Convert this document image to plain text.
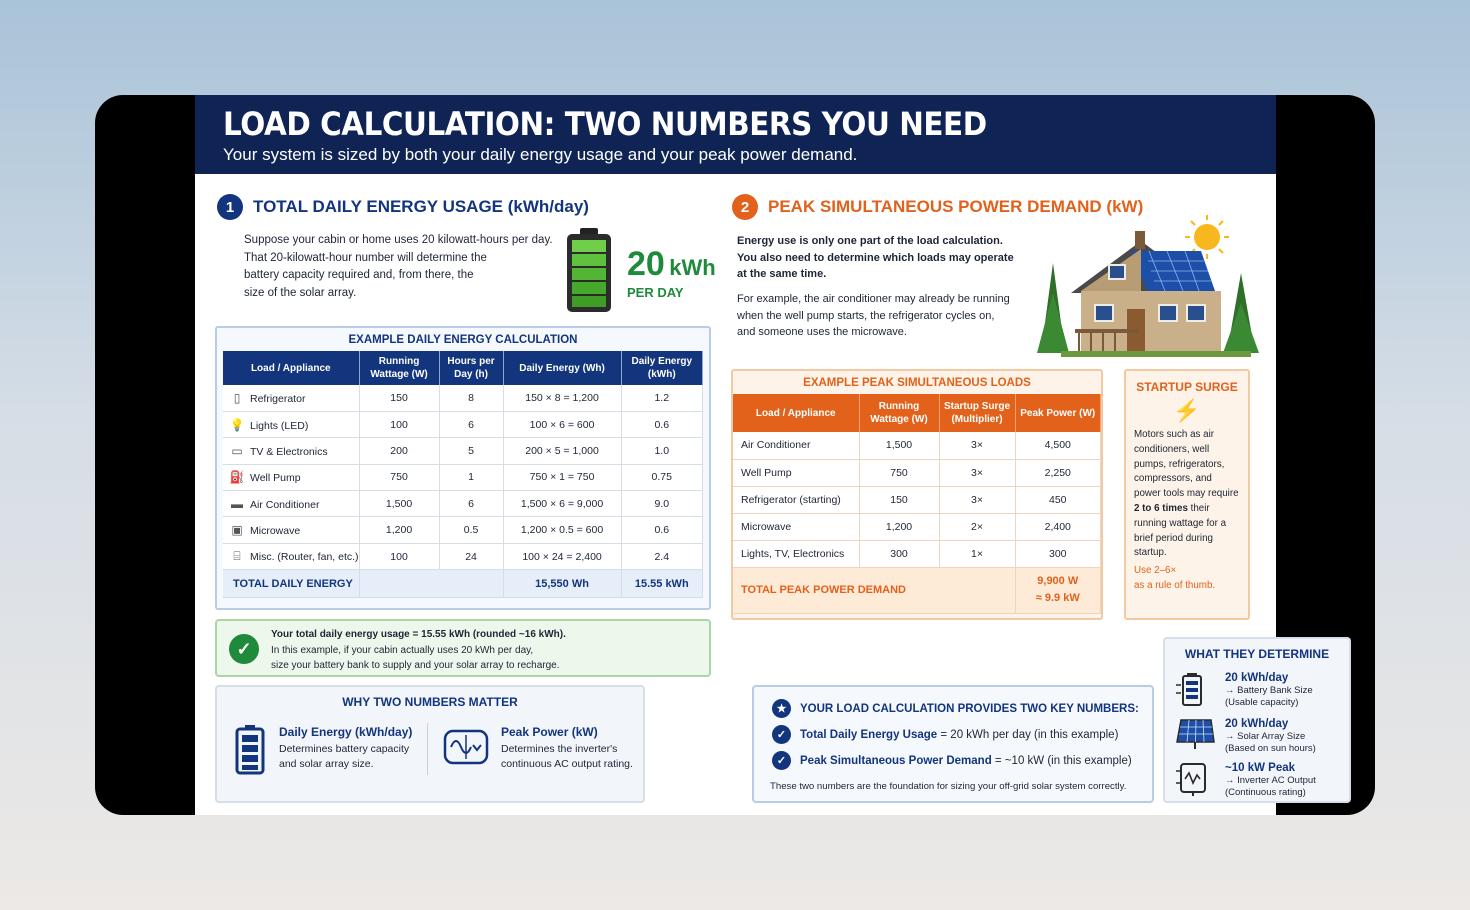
LOAD CALCULATION: TWO NUMBERS YOU NEED

Your system is sized by both your daily energy usage and your peak power demand.

1	TOTAL DAILY ENERGY USAGE (kWh/day)
Suppose your cabin or home uses 20 kilowatt-hours per day.
That 20-kilowatt-hour number will determine the
battery capacity required and, from there, the
size of the solar array.
20 kWh
PER DAY
EXAMPLE DAILY ENERGY CALCULATION
Load / Appliance	Running Wattage (W)	Hours per Day (h)	Daily Energy (Wh)	Daily Energy (kWh)
▯ Refrigerator	150	8	150 × 8 = 1,200	1.2
💡 Lights (LED)	100	6	100 × 6 = 600	0.6
▭ TV & Electronics	200	5	200 × 5 = 1,000	1.0
⛽ Well Pump	750	1	750 × 1 = 750	0.75
▬ Air Conditioner	1,500	6	1,500 × 6 = 9,000	9.0
▣ Microwave	1,200	0.5	1,200 × 0.5 = 600	0.6
⌸ Misc. (Router, fan, etc.)	100	24	100 × 24 = 2,400	2.4
TOTAL DAILY ENERGY			15,550 Wh	15.55 kWh
✓
Your total daily energy usage = 15.55 kWh (rounded ~16 kWh).
In this example, if your cabin actually uses 20 kWh per day,
size your battery bank to supply and your solar array to recharge.
WHY TWO NUMBERS MATTER
Daily Energy (kWh/day)
Determines battery capacity
and solar array size.
Peak Power (kW)
Determines the inverter's
continuous AC output rating.
2	PEAK SIMULTANEOUS POWER DEMAND (kW)
Energy use is only one part of the load calculation.
You also need to determine which loads may operate
at the same time.
For example, the air conditioner may already be running
when the well pump starts, the refrigerator cycles on,
and someone uses the microwave.
EXAMPLE PEAK SIMULTANEOUS LOADS
Load / Appliance	Running Wattage (W)	Startup Surge (Multiplier)	Peak Power (W)
Air Conditioner	1,500	3×	4,500
Well Pump	750	3×	2,250
Refrigerator (starting)	150	3×	450
Microwave	1,200	2×	2,400
Lights, TV, Electronics	300	1×	300
TOTAL PEAK POWER DEMAND			9,900 W
≈ 9.9 kW
STARTUP SURGE
⚡
Motors such as air conditioners, well pumps, refrigerators, compressors, and power tools may require 2 to 6 times their running wattage for a brief period during startup.
Use 2–6×
as a rule of thumb.
★	YOUR LOAD CALCULATION PROVIDES TWO KEY NUMBERS:
✓	Total Daily Energy Usage = 20 kWh per day (in this example)
✓	Peak Simultaneous Power Demand = ~10 kW (in this example)
These two numbers are the foundation for sizing your off-grid solar system correctly.
WHAT THEY DETERMINE
20 kWh/day
→ Battery Bank Size
(Usable capacity)
20 kWh/day
→ Solar Array Size
(Based on sun hours)
~10 kW Peak
→ Inverter AC Output
(Continuous rating)
